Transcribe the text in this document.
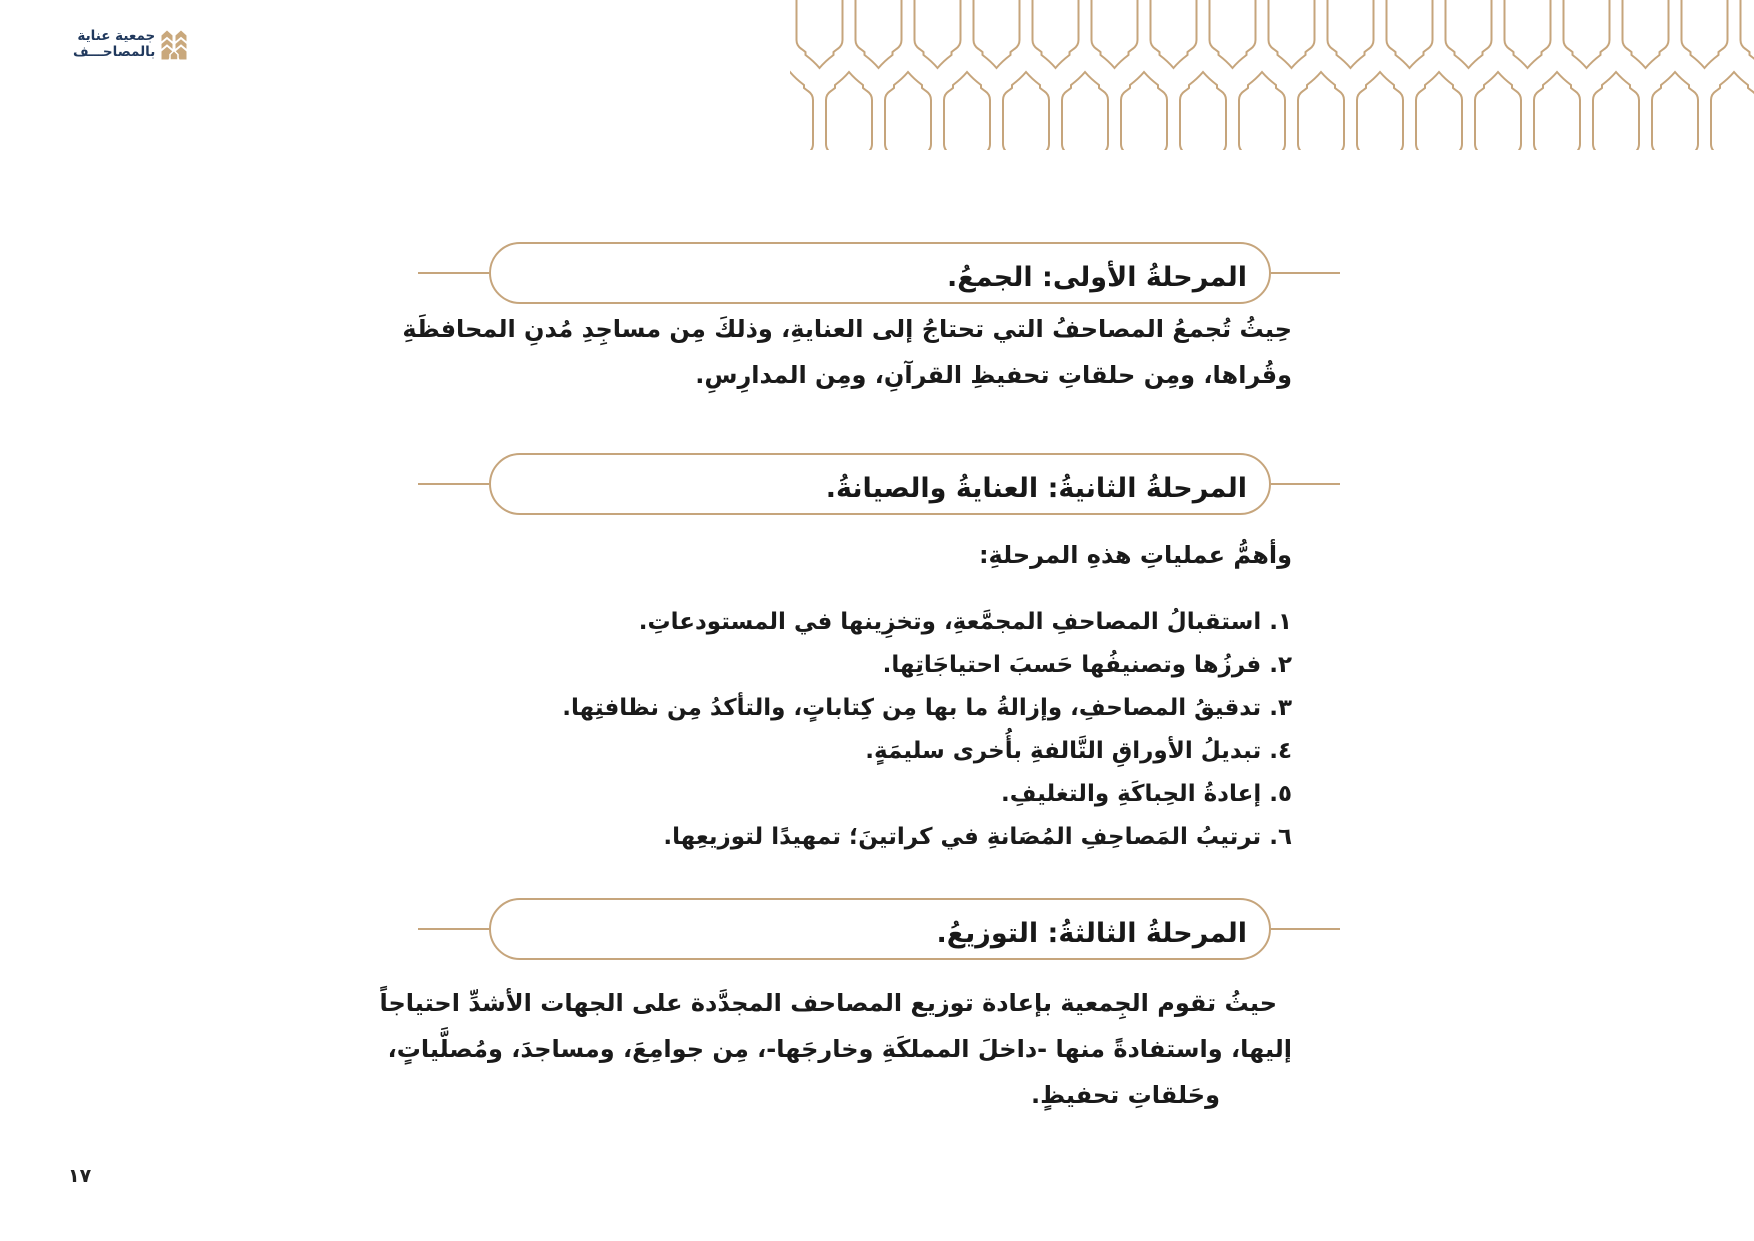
جمعية عناية
بالمصاحـــف
المرحلةُ الأولى: الجمعُ.
حِيثُ تُجمعُ المصاحفُ التي تحتاجُ إلى العنايةِ، وذلكَ مِن مساجِدِ مُدنِ المحافظَةِ
وقُراها، ومِن حلقاتِ تحفيظِ القرآنِ، ومِن المدارِسِ.
المرحلةُ الثانيةُ: العنايةُ والصيانةُ.
وأهمُّ عملياتِ هذهِ المرحلةِ:
١. استقبالُ المصاحفِ المجمَّعةِ، وتخزِينها في المستودعاتِ.
٢. فرزُها وتصنيفُها حَسبَ احتياجَاتِها.
٣. تدقيقُ المصاحفِ، وإزالةُ ما بها مِن كِتاباتٍ، والتأكدُ مِن نظافتِها.
٤. تبديلُ الأوراقِ التَّالفةِ بأُخرى سليمَةٍ.
٥. إعادةُ الحِباكَةِ والتغليفِ.
٦. ترتيبُ المَصاحِفِ المُصَانةِ في كراتينَ؛ تمهيدًا لتوزيعِها.
المرحلةُ الثالثةُ: التوزيعُ.
حيثُ تقوم الجِمعية بإعادة توزيع المصاحف المجدَّدة على الجهات الأشدِّ احتياجاً
إليها، واستفادةً منها -داخلَ المملكَةِ وخارجَها-، مِن جوامِعَ، ومساجدَ، ومُصلَّياتٍ،
وحَلقاتِ تحفيظٍ.
١٧
